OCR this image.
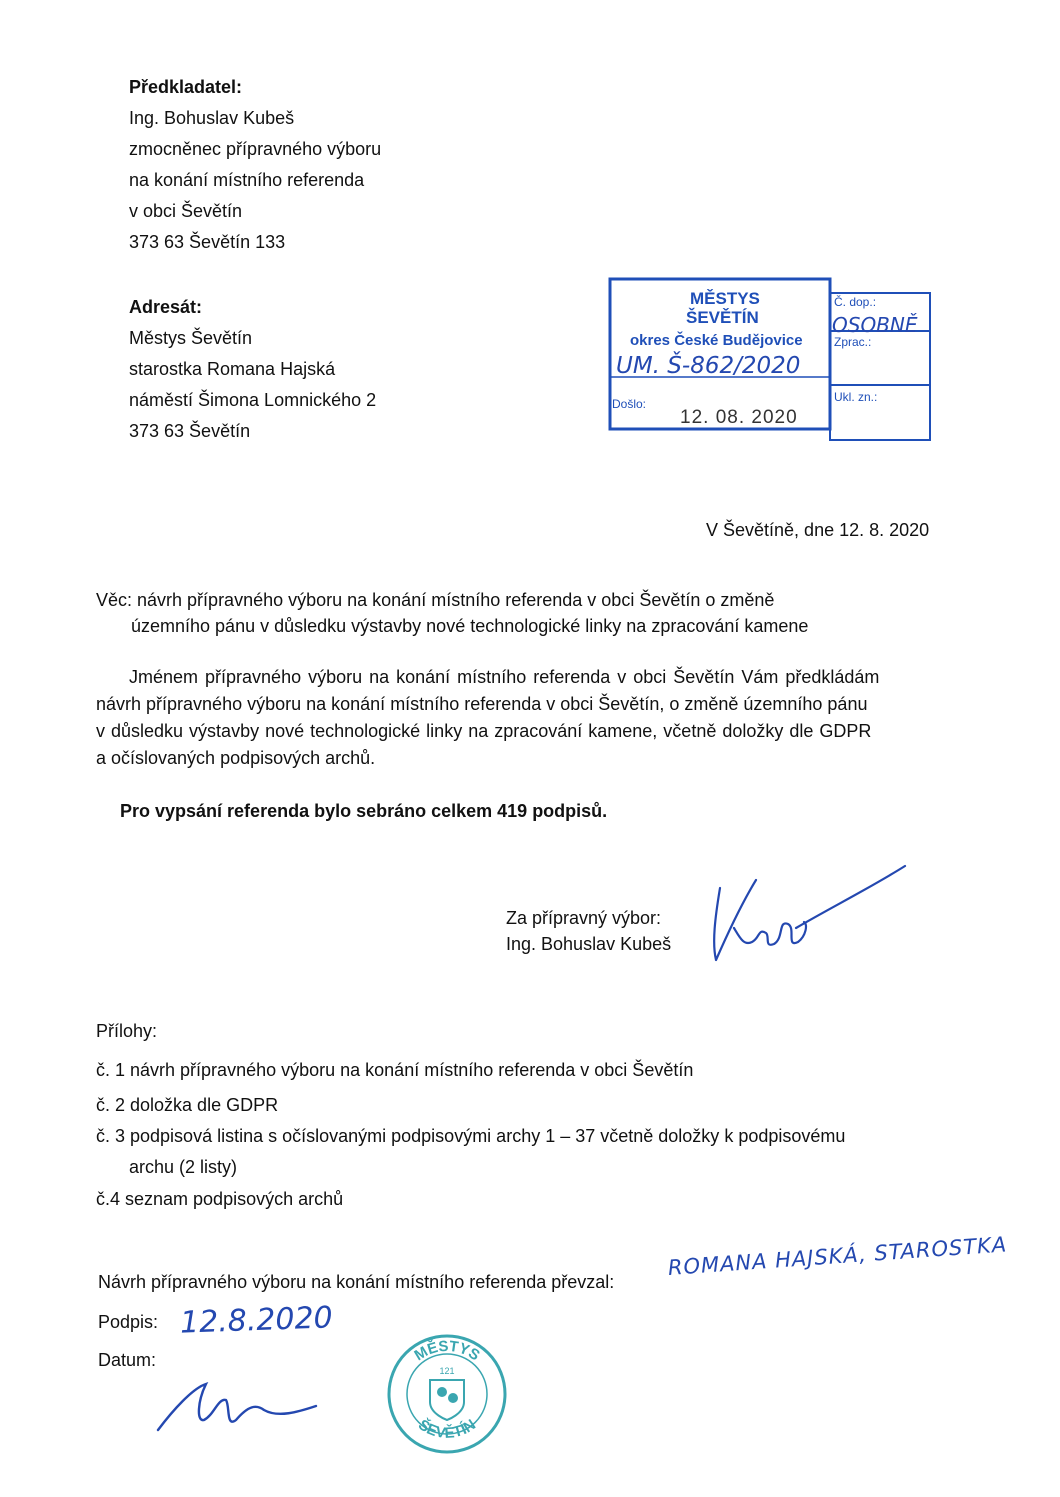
Předkladatel:
Ing. Bohuslav Kubeš
zmocněnec přípravného výboru
na konání místního referenda
v obci Ševětín
373 63 Ševětín 133
Adresát:
Městys Ševětín
starostka Romana Hajská
náměstí Šimona Lomnického 2
373 63 Ševětín
MĚSTYS
ŠEVĚTÍN
okres České Budějovice
Č. dop.:
OSOBNĚ
Zprac.:
UM. Š-862/2020
Došlo:
12. 08. 2020
Ukl. zn.:
V Ševětíně, dne 12. 8. 2020
Věc: návrh přípravného výboru na konání místního referenda v obci Ševětín o změně
územního pánu v důsledku výstavby nové technologické linky na zpracování kamene
Jménem přípravného výboru na konání místního referenda v obci Ševětín Vám předkládám
návrh přípravného výboru na konání místního referenda v obci Ševětín, o změně územního pánu
v důsledku výstavby nové technologické linky na zpracování kamene, včetně doložky dle GDPR
a očíslovaných podpisových archů.
Pro vypsání referenda bylo sebráno celkem 419 podpisů.
Za přípravný výbor:
Ing. Bohuslav Kubeš
Přílohy:
č. 1 návrh přípravného výboru na konání místního referenda v obci Ševětín
č. 2 doložka dle GDPR
č. 3 podpisová listina s očíslovanými podpisovými archy 1 – 37 včetně doložky k podpisovému
archu (2 listy)
č.4 seznam podpisových archů
Návrh přípravného výboru na konání místního referenda převzal:
ROMANA HAJSKÁ, STAROSTKA
Podpis: 12.8.2020
Datum:	MĚSTYS
121
ŠEVĚTÍN
